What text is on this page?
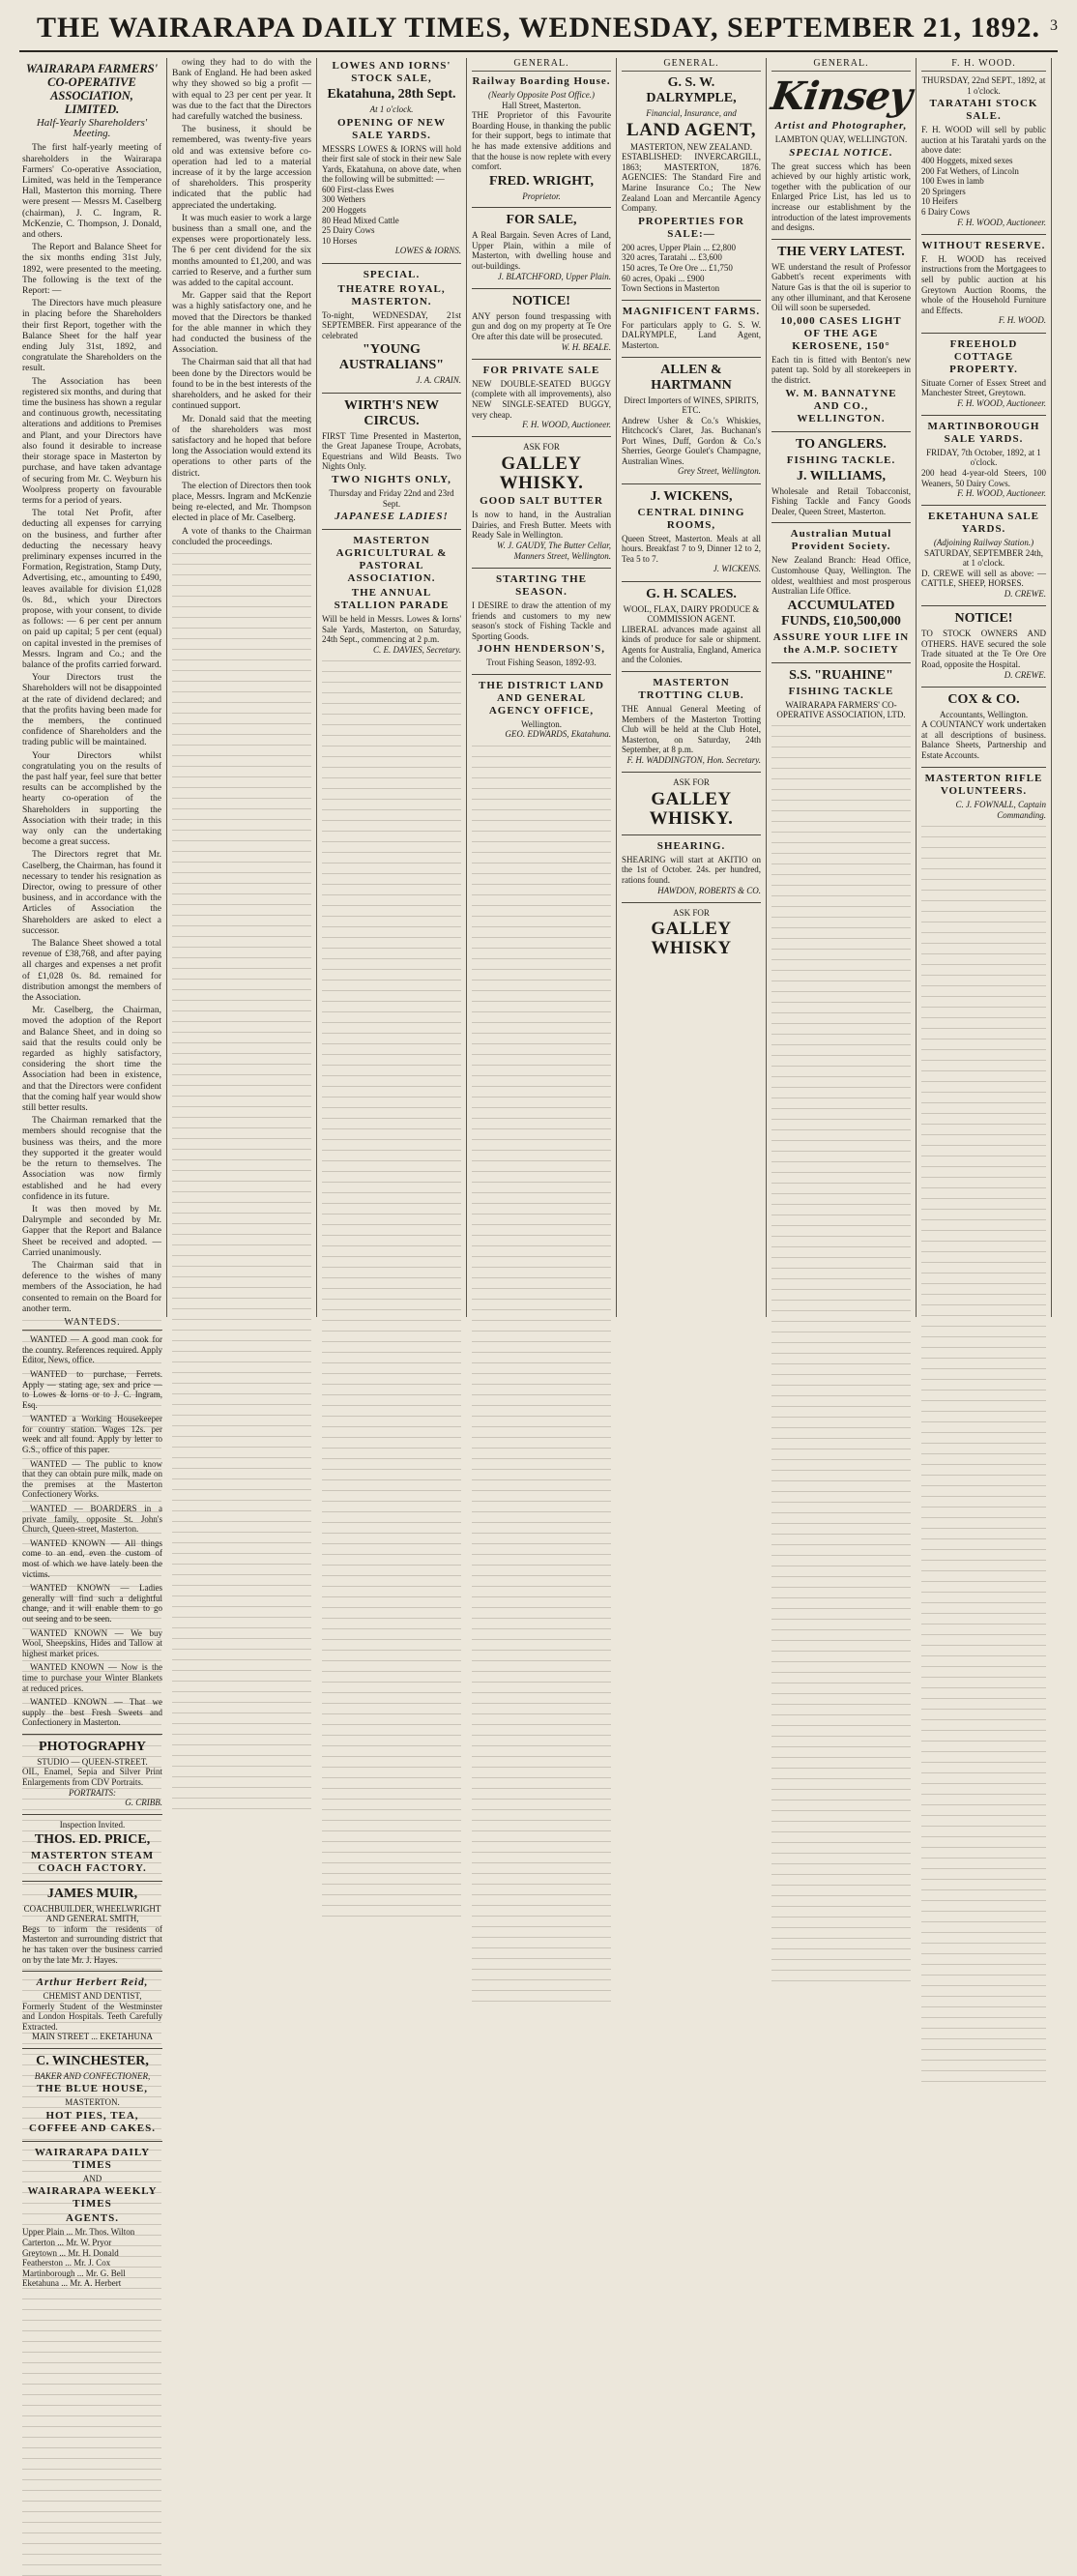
THE WAIRARAPA DAILY TIMES, WEDNESDAY, SEPTEMBER 21, 1892. 3
WAIRARAPA FARMERS' CO-OPERATIVE ASSOCIATION, LIMITED.
Half-Yearly Shareholders' Meeting.

The first half-yearly meeting of shareholders in the Wairarapa Farmers' Co-operative Association, Limited, was held in the Temperance Hall, Masterton this morning. There were present — Messrs M. Caselberg (chairman), J. C. Ingram, R. McKenzie, C. Thompson, J. Donald, and others.

The Report and Balance Sheet for the six months ending 31st July, 1892, were presented to the meeting. The following is the text of the Report: —

The Directors have much pleasure in placing before the Shareholders their first Report, together with the Balance Sheet for the half year ending July 31st, 1892, and congratulate the Shareholders on the result.

The Association has been registered six months, and during that time the business has shown a regular and continuous growth, necessitating alterations and additions to Premises and Plant, and your Directors have also found it desirable to increase their storage space in Masterton by purchase, and have taken advantage of securing from Mr. C. Weyburn his Woolpress property on favourable terms for a period of years.

The total Net Profit, after deducting all expenses for carrying on the business, and further after deducting the necessary heavy preliminary expenses incurred in the Formation, Registration, Stamp Duty, Advertising, etc., amounting to £490, leaves available for division £1,028 0s. 8d., which your Directors propose, with your consent, to divide as follows: — 6 per cent per annum on paid up capital; 5 per cent (equal) on capital invested in the premises of Messrs. Ingram and Co.; and the balance of the profits carried forward.

Your Directors trust the Shareholders will not be disappointed at the rate of dividend declared; and that the profits having been made for the members, the continued confidence of Shareholders and the trading public will be maintained.

Your Directors whilst congratulating you on the results of the past half year, feel sure that better results can be accomplished by the hearty co-operation of the Shareholders in supporting the Association with their trade; in this way only can the undertaking become a great success.

The Directors regret that Mr. Caselberg, the Chairman, has found it necessary to tender his resignation as Director, owing to pressure of other business, and in accordance with the Articles of Association the Shareholders are asked to elect a successor.

The Balance Sheet showed a total revenue of £38,768, and after paying all charges and expenses a net profit of £1,028 0s. 8d. remained for distribution amongst the members of the Association.

Mr. Caselberg, the Chairman, moved the adoption of the Report and Balance Sheet, and in doing so said that the results could only be regarded as highly satisfactory, considering the short time the Association had been in existence, and that the Directors were confident that the coming half year would show still better results.

The Chairman remarked that the members should recognise that the business was theirs, and the more they supported it the greater would be the return to themselves. The Association was now firmly established and he had every confidence in its future.

It was then moved by Mr. Dalrymple and seconded by Mr. Gapper that the Report and Balance Sheet be received and adopted. — Carried unanimously.

The Chairman said that in deference to the wishes of many members of the Association, he had consented to remain on the Board for another term.

owing they had to do with the Bank of England. He had been asked why they showed so big a profit — with equal to 23 per cent per year. It was due to the fact that the Directors had carefully watched the business.

The business, it should be remembered, was twenty-five years old and was extensive before co-operation had led to a material increase of it by the large accession of shareholders. This prosperity indicated that the public had appreciated the undertaking.

It was much easier to work a large business than a small one, and the expenses were proportionately less. The 6 per cent dividend for the six months amounted to £1,200, and was carried to Reserve, and a further sum was added to the capital account.

Mr. Gapper said that the Report was a highly satisfactory one, and he moved that the Directors be thanked for the able manner in which they had conducted the business of the Association.

The Chairman said that all that had been done by the Directors would be found to be in the best interests of the shareholders, and he asked for their continued support.

Mr. Donald said that the meeting of the shareholders was most satisfactory and he hoped that before long the Association would extend its operations to other parts of the district.

The election of Directors then took place, Messrs. Ingram and McKenzie being re-elected, and Mr. Thompson elected in place of Mr. Caselberg.

A vote of thanks to the Chairman concluded the proceedings.

LOWES AND IORNS' STOCK SALE,
Ekatahuna, 28th Sept.
At 1 o'clock.
OPENING OF NEW SALE YARDS.
MESSRS LOWES & IORNS will hold their first sale of stock in their new Sale Yards, Ekatahuna, on above date, when the following will be submitted: —
600 First-class Ewes
300 Wethers
200 Hoggets
80 Head Mixed Cattle
25 Dairy Cows
10 Horses
LOWES & IORNS.
SPECIAL.
THEATRE ROYAL, MASTERTON.
To-night, WEDNESDAY, 21st SEPTEMBER. First appearance of the celebrated
"YOUNG AUSTRALIANS"
J. A. CRAIN.
WIRTH'S NEW CIRCUS.
FIRST Time Presented in Masterton, the Great Japanese Troupe, Acrobats, Equestrians and Wild Beasts. Two Nights Only.
TWO NIGHTS ONLY,
Thursday and Friday 22nd and 23rd Sept.
JAPANESE LADIES!
MASTERTON AGRICULTURAL & PASTORAL ASSOCIATION.
THE ANNUAL STALLION PARADE
Will be held in Messrs. Lowes & Iorns' Sale Yards, Masterton, on Saturday, 24th Sept., commencing at 2 p.m.
C. E. DAVIES, Secretary.
GENERAL.
Railway Boarding House.
(Nearly Opposite Post Office.)
Hall Street, Masterton.
THE Proprietor of this Favourite Boarding House, in thanking the public for their support, begs to intimate that he has made extensive additions and that the house is now replete with every comfort.
FRED. WRIGHT,
Proprietor.
FOR SALE,
A Real Bargain. Seven Acres of Land, Upper Plain, within a mile of Masterton, with dwelling house and out-buildings.
J. BLATCHFORD, Upper Plain.
NOTICE!
ANY person found trespassing with gun and dog on my property at Te Ore Ore after this date will be prosecuted.
W. H. BEALE.
FOR PRIVATE SALE
NEW DOUBLE-SEATED BUGGY (complete with all improvements), also NEW SINGLE-SEATED BUGGY, very cheap.
F. H. WOOD, Auctioneer.
ASK FOR
GALLEY WHISKY.
GOOD SALT BUTTER
Is now to hand, in the Australian Dairies, and Fresh Butter. Meets with Ready Sale in Wellington.
W. J. GAUDY, The Butter Cellar, Manners Street, Wellington.
STARTING THE SEASON.
I DESIRE to draw the attention of my friends and customers to my new season's stock of Fishing Tackle and Sporting Goods.
JOHN HENDERSON'S,
Trout Fishing Season, 1892-93.
THE DISTRICT LAND AND GENERAL AGENCY OFFICE,
Wellington.
GEO. EDWARDS, Ekatahuna.
GENERAL.
G. S. W. DALRYMPLE,
Financial, Insurance, and
LAND AGENT,
MASTERTON, NEW ZEALAND.
ESTABLISHED: INVERCARGILL, 1863; MASTERTON, 1876. AGENCIES: The Standard Fire and Marine Insurance Co.; The New Zealand Loan and Mercantile Agency Company.
PROPERTIES FOR SALE:—
200 acres, Upper Plain ... £2,800
320 acres, Taratahi ... £3,600
150 acres, Te Ore Ore ... £1,750
60 acres, Opaki ... £900
Town Sections in Masterton
MAGNIFICENT FARMS.
For particulars apply to G. S. W. DALRYMPLE, Land Agent, Masterton.
ALLEN & HARTMANN
Direct Importers of WINES, SPIRITS, ETC.
Andrew Usher & Co.'s Whiskies, Hitchcock's Claret, Jas. Buchanan's Port Wines, Duff, Gordon & Co.'s Sherries, George Goulet's Champagne, Australian Wines.
Grey Street, Wellington.
J. WICKENS,
CENTRAL DINING ROOMS,
Queen Street, Masterton. Meals at all hours. Breakfast 7 to 9, Dinner 12 to 2, Tea 5 to 7.
J. WICKENS.
G. H. SCALES.
WOOL, FLAX, DAIRY PRODUCE & COMMISSION AGENT.
LIBERAL advances made against all kinds of produce for sale or shipment. Agents for Australia, England, America and the Colonies.
MASTERTON TROTTING CLUB.
THE Annual General Meeting of Members of the Masterton Trotting Club will be held at the Club Hotel, Masterton, on Saturday, 24th September, at 8 p.m.
F. H. WADDINGTON, Hon. Secretary.
ASK FOR
GALLEY WHISKY.
SHEARING.
SHEARING will start at AKITIO on the 1st of October. 24s. per hundred, rations found.
HAWDON, ROBERTS & CO.
ASK FOR
GALLEY WHISKY
GENERAL.
Kinsey
Artist and Photographer,
LAMBTON QUAY, WELLINGTON.
SPECIAL NOTICE.
The great success which has been achieved by our highly artistic work, together with the publication of our Enlarged Price List, has led us to increase our establishment by the introduction of the latest improvements and designs.
THE VERY LATEST.
WE understand the result of Professor Gabbett's recent experiments with Nature Gas is that the oil is superior to any other illuminant, and that Kerosene Oil will soon be superseded.
10,000 CASES LIGHT OF THE AGE KEROSENE, 150°
Each tin is fitted with Benton's new patent tap. Sold by all storekeepers in the district.
W. M. BANNATYNE AND CO., WELLINGTON.
TO ANGLERS.
FISHING TACKLE.
J. WILLIAMS,
Wholesale and Retail Tobacconist, Fishing Tackle and Fancy Goods Dealer, Queen Street, Masterton.
Australian Mutual Provident Society.
New Zealand Branch: Head Office, Customhouse Quay, Wellington. The oldest, wealthiest and most prosperous Australian Life Office.
ACCUMULATED FUNDS, £10,500,000
ASSURE YOUR LIFE IN the A.M.P. SOCIETY
S.S. "RUAHINE"
FISHING TACKLE
WAIRARAPA FARMERS' CO-OPERATIVE ASSOCIATION, LTD.
F. H. WOOD.
THURSDAY, 22nd SEPT., 1892, at 1 o'clock.
TARATAHI STOCK SALE.
F. H. WOOD will sell by public auction at his Taratahi yards on the above date:
400 Hoggets, mixed sexes
200 Fat Wethers, of Lincoln
100 Ewes in lamb
20 Springers
10 Heifers
6 Dairy Cows
F. H. WOOD, Auctioneer.
WITHOUT RESERVE.
F. H. WOOD has received instructions from the Mortgagees to sell by public auction at his Greytown Auction Rooms, the whole of the Household Furniture and Effects.
F. H. WOOD.
FREEHOLD COTTAGE PROPERTY.
Situate Corner of Essex Street and Manchester Street, Greytown.
F. H. WOOD, Auctioneer.
MARTINBOROUGH SALE YARDS.
FRIDAY, 7th October, 1892, at 1 o'clock.
200 head 4-year-old Steers, 100 Weaners, 50 Dairy Cows.
F. H. WOOD, Auctioneer.
EKETAHUNA SALE YARDS.
(Adjoining Railway Station.)
SATURDAY, SEPTEMBER 24th, at 1 o'clock.
D. CREWE will sell as above: — CATTLE, SHEEP, HORSES.
D. CREWE.
NOTICE!
TO STOCK OWNERS AND OTHERS. HAVE secured the sole Trade situated at the Te Ore Ore Road, opposite the Hospital.
D. CREWE.
COX & CO.
Accountants, Wellington.
A COUNTANCY work undertaken at all descriptions of business. Balance Sheets, Partnership and Estate Accounts.
MASTERTON RIFLE VOLUNTEERS.
C. J. FOWNALL, Captain Commanding.
WANTEDS.

WANTED — A good man cook for the country. References required. Apply Editor, News, office.

WANTED to purchase, Ferrets. Apply — stating age, sex and price — to Lowes & Iorns or to J. C. Ingram, Esq.

WANTED a Working Housekeeper for country station. Wages 12s. per week and all found. Apply by letter to G.S., office of this paper.

WANTED — The public to know that they can obtain pure milk, made on the premises at the Masterton Confectionery Works.

WANTED — BOARDERS in a private family, opposite St. John's Church, Queen-street, Masterton.

WANTED KNOWN — All things come to an end, even the custom of most of which we have lately been the victims.

WANTED KNOWN — Ladies generally will find such a delightful change, and it will enable them to go out seeing and to be seen.

WANTED KNOWN — We buy Wool, Sheepskins, Hides and Tallow at highest market prices.

WANTED KNOWN — Now is the time to purchase your Winter Blankets at reduced prices.

WANTED KNOWN — That we supply the best Fresh Sweets and Confectionery in Masterton.

PHOTOGRAPHY
STUDIO — QUEEN-STREET.
OIL, Enamel, Sepia and Silver Print Enlargements from CDV Portraits.
PORTRAITS:
G. CRIBB.
Inspection Invited.
THOS. ED. PRICE,
MASTERTON STEAM COACH FACTORY.
JAMES MUIR,
COACHBUILDER, WHEELWRIGHT AND GENERAL SMITH,
Begs to inform the residents of Masterton and surrounding district that he has taken over the business carried on by the late Mr. J. Hayes.
Arthur Herbert Reid,
CHEMIST AND DENTIST,
Formerly Student of the Westminster and London Hospitals. Teeth Carefully Extracted.
MAIN STREET ... EKETAHUNA
C. WINCHESTER,
BAKER AND CONFECTIONER,
THE BLUE HOUSE,
MASTERTON.
HOT PIES, TEA, COFFEE AND CAKES.
WAIRARAPA DAILY TIMES
AND
WAIRARAPA WEEKLY TIMES
AGENTS.
Upper Plain ... Mr. Thos. Wilton
Carterton ... Mr. W. Pryor
Greytown ... Mr. H. Donald
Featherston ... Mr. J. Cox
Martinborough ... Mr. G. Bell
Eketahuna ... Mr. A. Herbert
